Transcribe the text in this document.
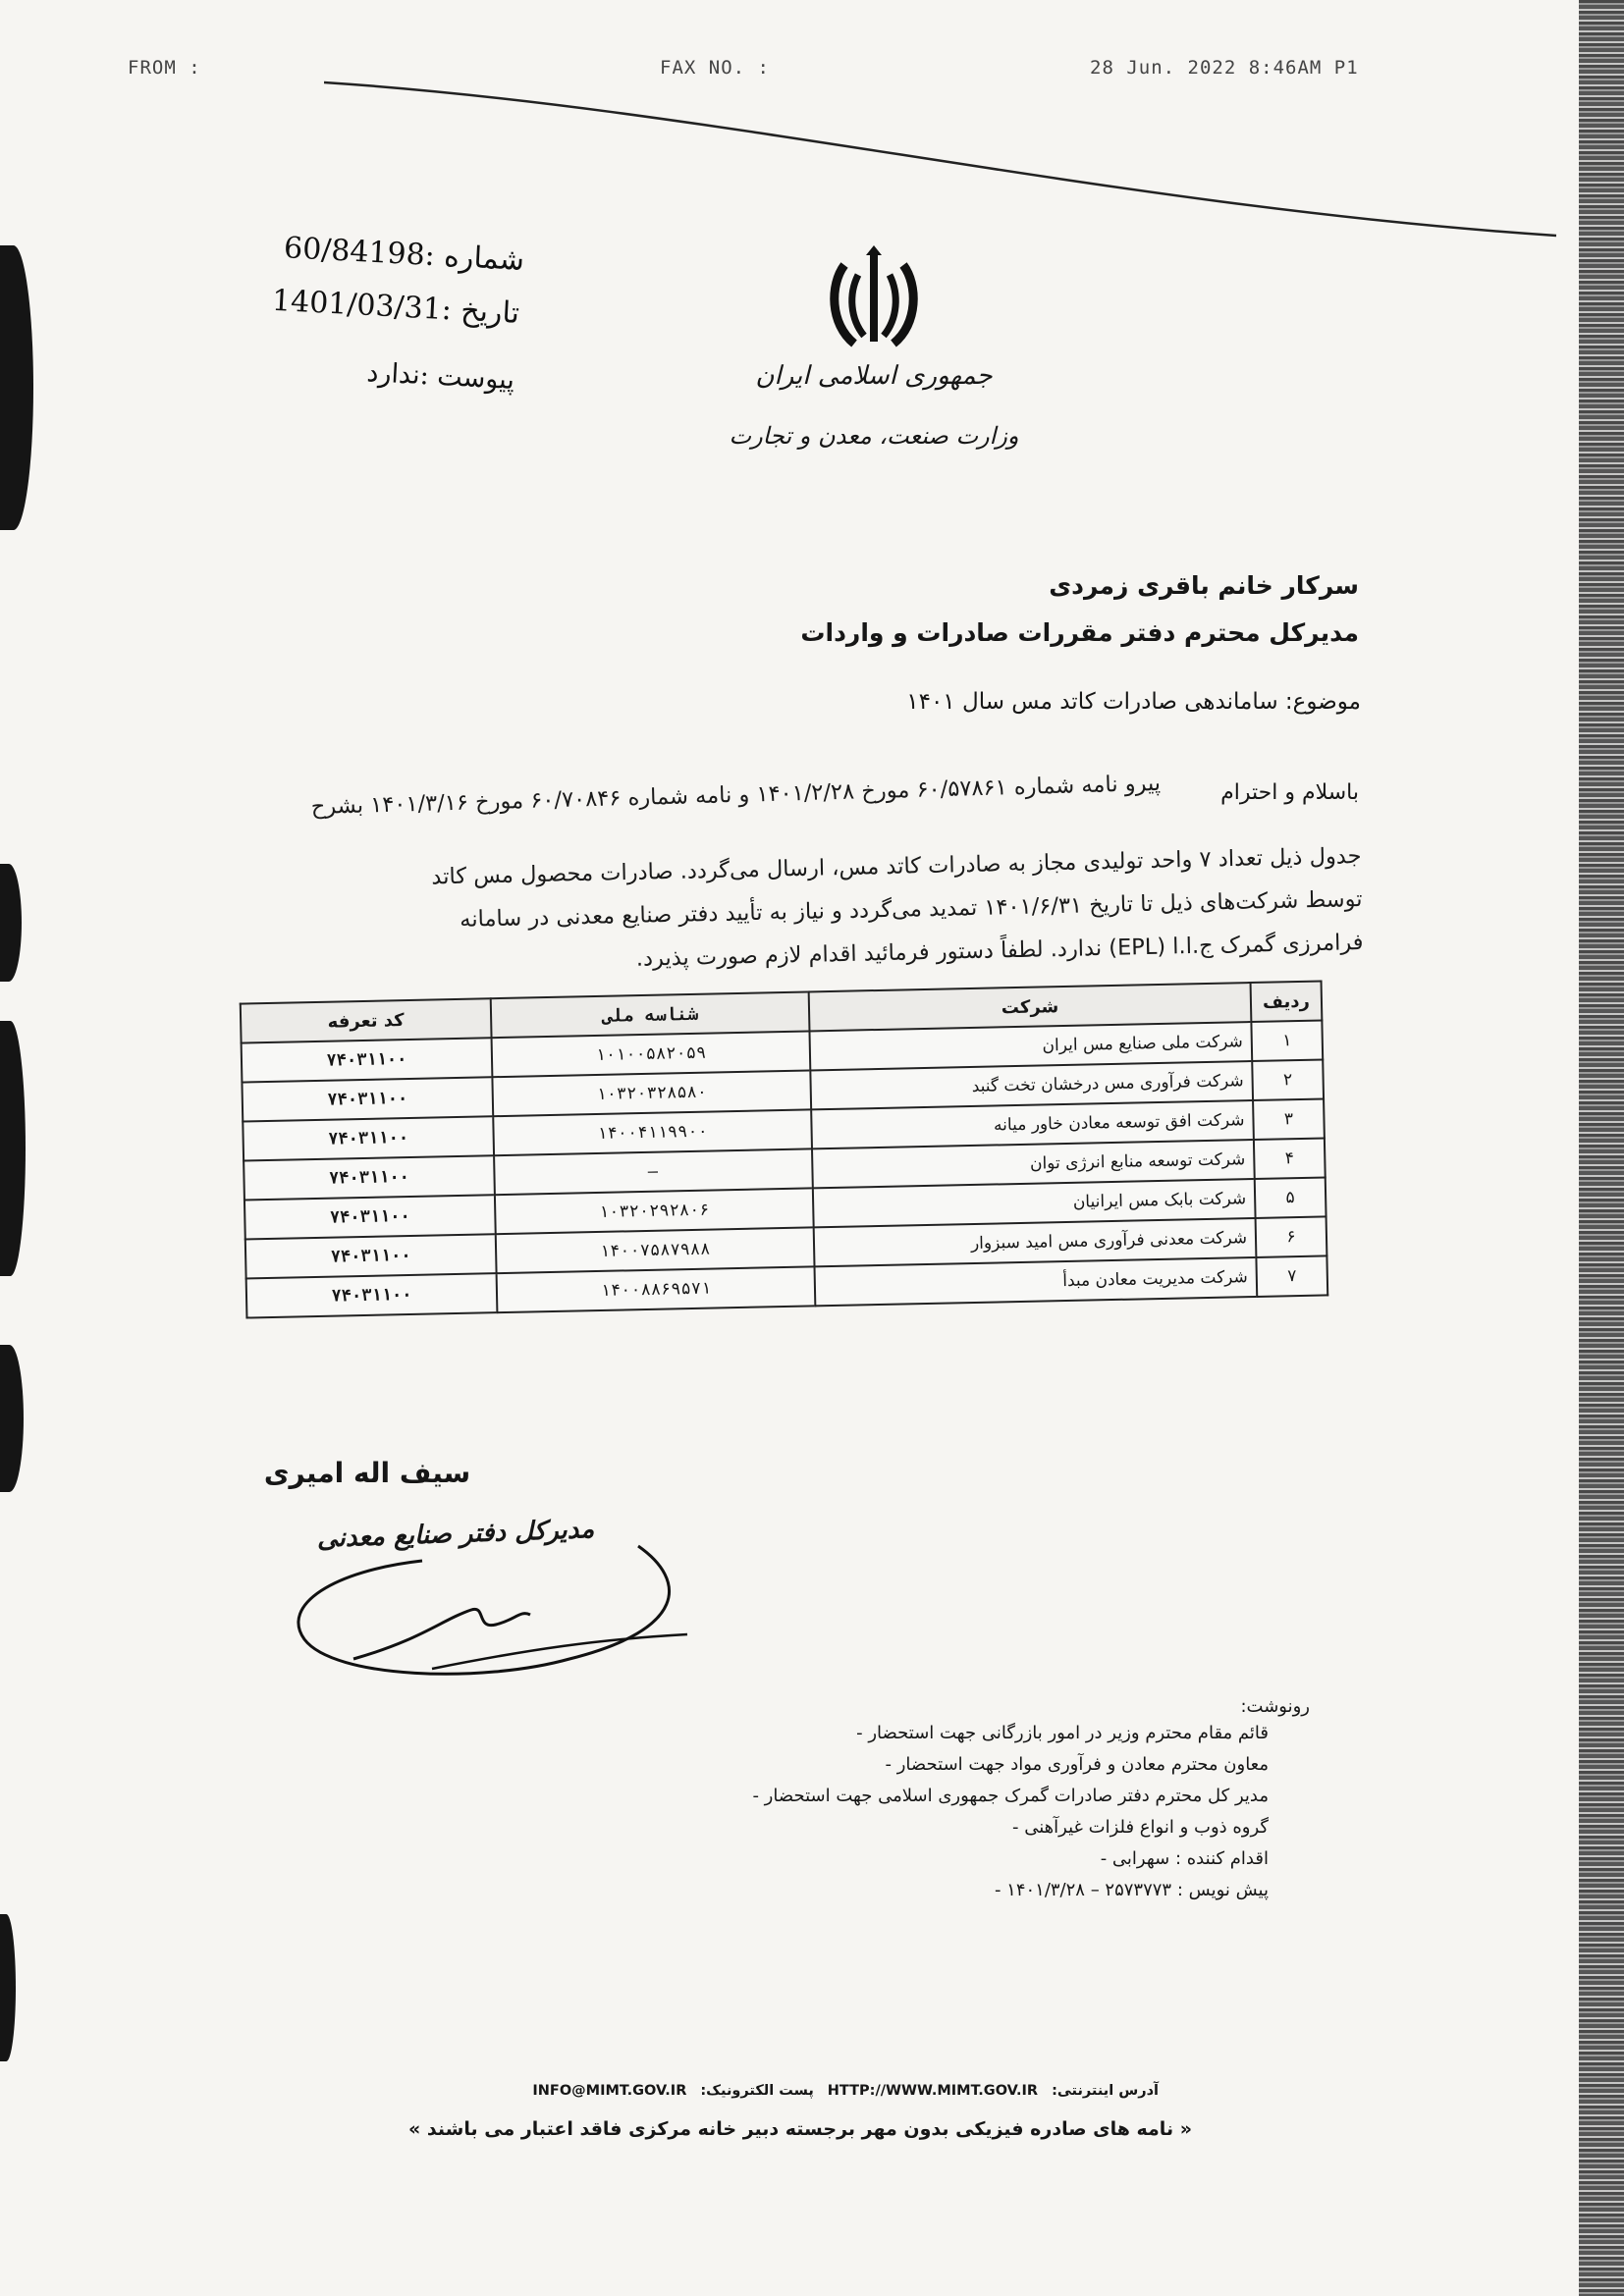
FROM :	FAX NO. :	28 Jun. 2022 8:46AM P1
جمهوری اسلامی ایران
وزارت صنعت، معدن و تجارت
شماره :60/84198
تاریخ :1401/03/31
پیوست :ندارد
سرکار خانم باقری زمردی
مدیرکل محترم دفتر مقررات صادرات و واردات
موضوع: ساماندهی صادرات کاتد مس سال ۱۴۰۱
باسلام و احترام
پیرو نامه شماره ۶۰/۵۷۸۶۱ مورخ ۱۴۰۱/۲/۲۸ و نامه شماره ۶۰/۷۰۸۴۶ مورخ ۱۴۰۱/۳/۱۶ بشرح
جدول ذیل تعداد ۷ واحد تولیدی مجاز به صادرات کاتد مس، ارسال می‌گردد. صادرات محصول مس کاتد
توسط شرکت‌های ذیل تا تاریخ ۱۴۰۱/۶/۳۱ تمدید می‌گردد و نیاز به تأیید دفتر صنایع معدنی در سامانه
فرامرزی گمرک ج.ا.ا (EPL) ندارد. لطفاً دستور فرمائید اقدام لازم صورت پذیرد.
ردیف	شرکت	شناسه ملی	کد تعرفه
۱	شرکت ملی صنایع مس ایران	۱۰۱۰۰۵۸۲۰۵۹	۷۴۰۳۱۱۰۰
۲	شرکت فرآوری مس درخشان تخت گنبد	۱۰۳۲۰۳۲۸۵۸۰	۷۴۰۳۱۱۰۰
۳	شرکت افق توسعه معادن خاور میانه	۱۴۰۰۴۱۱۹۹۰۰	۷۴۰۳۱۱۰۰
۴	شرکت توسعه منابع انرژی توان	—	۷۴۰۳۱۱۰۰
۵	شرکت بابک مس ایرانیان	۱۰۳۲۰۲۹۲۸۰۶	۷۴۰۳۱۱۰۰
۶	شرکت معدنی فرآوری مس امید سبزوار	۱۴۰۰۷۵۸۷۹۸۸	۷۴۰۳۱۱۰۰
۷	شرکت مدیریت معادن مبدأ	۱۴۰۰۸۸۶۹۵۷۱	۷۴۰۳۱۱۰۰
سیف اله امیری
مدیرکل دفتر صنایع معدنی
رونوشت:
قائم مقام محترم وزیر در امور بازرگانی جهت استحضار -
معاون محترم معادن و فرآوری مواد جهت استحضار -
مدیر کل محترم دفتر صادرات گمرک جمهوری اسلامی جهت استحضار -
گروه ذوب و انواع فلزات غیرآهنی -
اقدام کننده : سهرابی -
پیش نویس : ۲۵۷۳۷۷۳ – ۱۴۰۱/۳/۲۸ -
آدرس اینترنتی:
HTTP://WWW.MIMT.GOV.IR
پست الکترونیک:
INFO@MIMT.GOV.IR
« نامه های صادره فیزیکی بدون مهر برجسته دبیر خانه مرکزی فاقد اعتبار می باشند »
